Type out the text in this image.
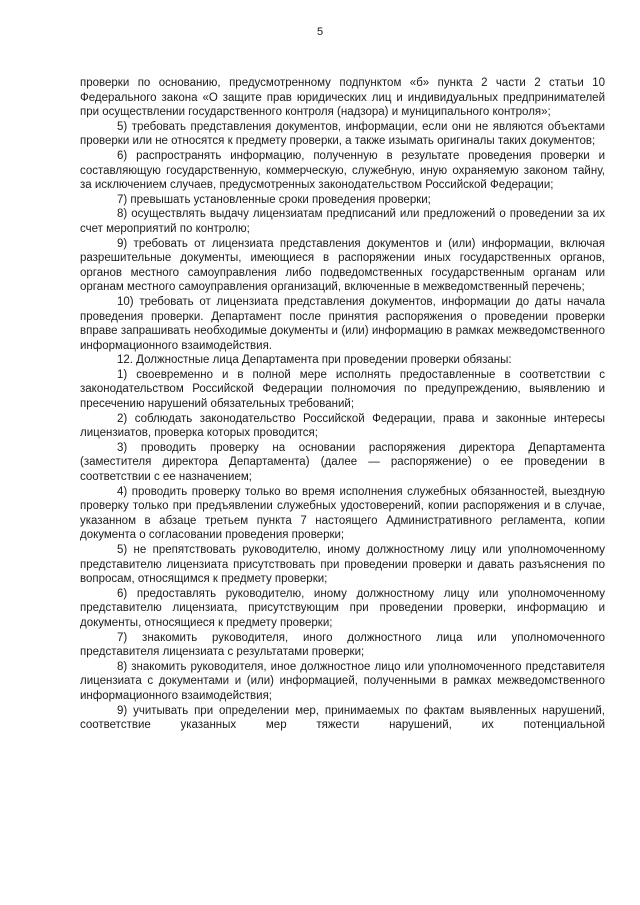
5

проверки по основанию, предусмотренному подпунктом «б» пункта 2 части 2 статьи 10 Федерального закона «О защите прав юридических лиц и индивидуальных предпринимателей при осуществлении государственного контроля (надзора) и муниципального контроля»;

5) требовать представления документов, информации, если они не являются объектами проверки или не относятся к предмету проверки, а также изымать оригиналы таких документов;

6) распространять информацию, полученную в результате проведения проверки и составляющую государственную, коммерческую, служебную, иную охраняемую законом тайну, за исключением случаев, предусмотренных законодательством Российской Федерации;

7) превышать установленные сроки проведения проверки;

8) осуществлять выдачу лицензиатам предписаний или предложений о проведении за их счет мероприятий по контролю;

9) требовать от лицензиата представления документов и (или) информации, включая разрешительные документы, имеющиеся в распоряжении иных государственных органов, органов местного самоуправления либо подведомственных государственным органам или органам местного самоуправления организаций, включенные в межведомственный перечень;

10) требовать от лицензиата представления документов, информации до даты начала проведения проверки. Департамент после принятия распоряжения о проведении проверки вправе запрашивать необходимые документы и (или) информацию в рамках межведомственного информационного взаимодействия.

12. Должностные лица Департамента при проведении проверки обязаны:

1) своевременно и в полной мере исполнять предоставленные в соответствии с законодательством Российской Федерации полномочия по предупреждению, выявлению и пресечению нарушений обязательных требований;

2) соблюдать законодательство Российской Федерации, права и законные интересы лицензиатов, проверка которых проводится;

3) проводить проверку на основании распоряжения директора Департамента (заместителя директора Департамента) (далее — распоряжение) о ее проведении в соответствии с ее назначением;

4) проводить проверку только во время исполнения служебных обязанностей, выездную проверку только при предъявлении служебных удостоверений, копии распоряжения и в случае, указанном в абзаце третьем пункта 7 настоящего Административного регламента, копии документа о согласовании проведения проверки;

5) не препятствовать руководителю, иному должностному лицу или уполномоченному представителю лицензиата присутствовать при проведении проверки и давать разъяснения по вопросам, относящимся к предмету проверки;

6) предоставлять руководителю, иному должностному лицу или уполномоченному представителю лицензиата, присутствующим при проведении проверки, информацию и документы, относящиеся к предмету проверки;

7) знакомить руководителя, иного должностного лица или уполномоченного представителя лицензиата с результатами проверки;

8) знакомить руководителя, иное должностное лицо или уполномоченного представителя лицензиата с документами и (или) информацией, полученными в рамках межведомственного информационного взаимодействия;

9) учитывать при определении мер, принимаемых по фактам выявленных нарушений, соответствие указанных мер тяжести нарушений, их потенциальной
